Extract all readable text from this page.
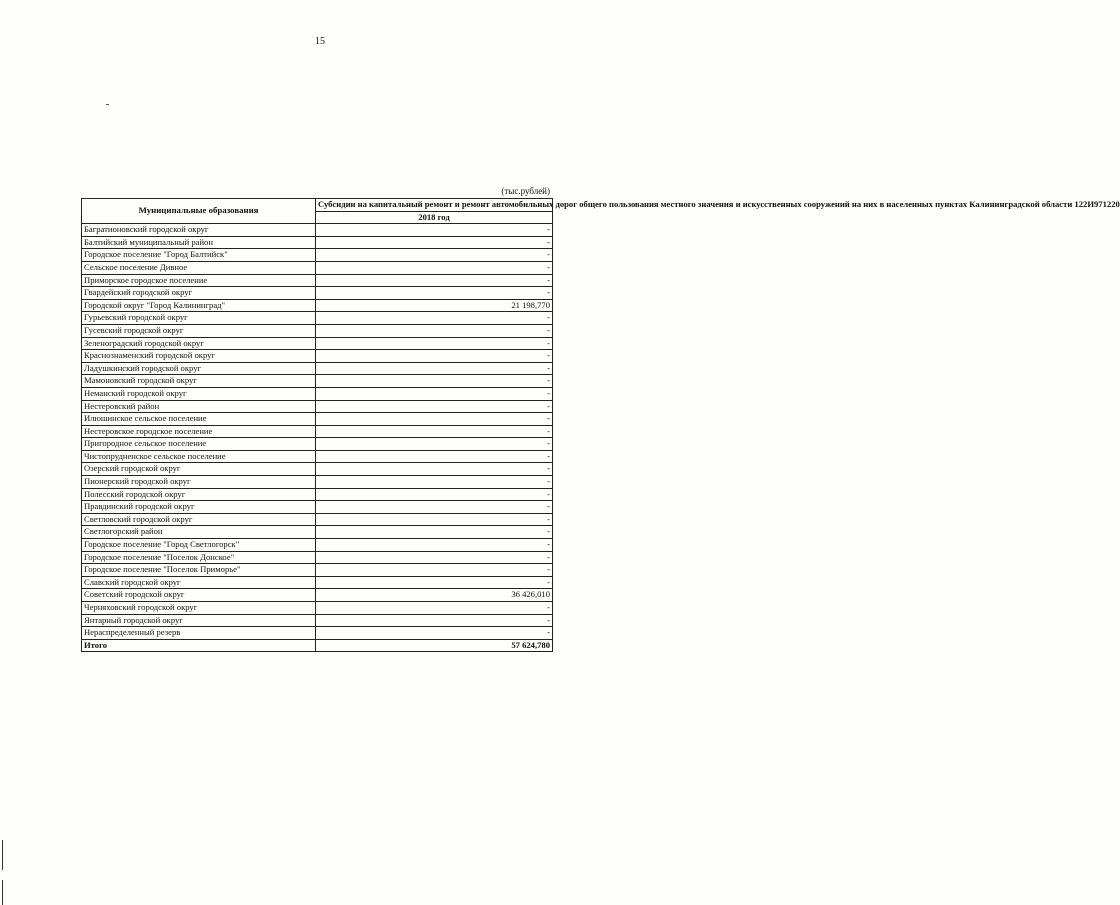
15
(тыс.рублей)
Муниципальные образования	Субсидии на капитальный ремонт и ремонт автомобильных дорог общего пользования местного значения и искусственных сооружений на них в населенных пунктах Калининградской области 122И971220
	2018 год
Багратионовский городской округ	-
Балтийский муниципальный район	-
Городское поселение "Город Балтийск"	-
Сельское поселение Дивное	-
Приморское городское поселение	-
Гвардейский городской округ	-
Городской округ "Город Калининград"	21 198,770
Гурьевский городской округ	-
Гусевский городской округ	-
Зеленоградский городской округ	-
Краснознаменский городской округ	-
Ладушкинский городской округ	-
Мамоновский городской округ	-
Неманский городской округ	-
Нестеровский район	-
Илюшинское сельское поселение	-
Нестеровское городское поселение	-
Пригородное сельское поселение	-
Чистопрудненское сельское поселение	-
Озерский городской округ	-
Пионерский городской округ	-
Полесский городской округ	-
Правдинский городской округ	-
Светловский городской округ	-
Светлогорский район	-
Городское поселение "Город Светлогорск"	-
Городское поселение "Поселок Донское"	-
Городское поселение "Поселок Приморье"	-
Славский городской округ	-
Советский городской округ	36 426,010
Черняховский городской округ	-
Янтарный городской округ	-
Нераспределенный резерв	-
Итого	57 624,780
